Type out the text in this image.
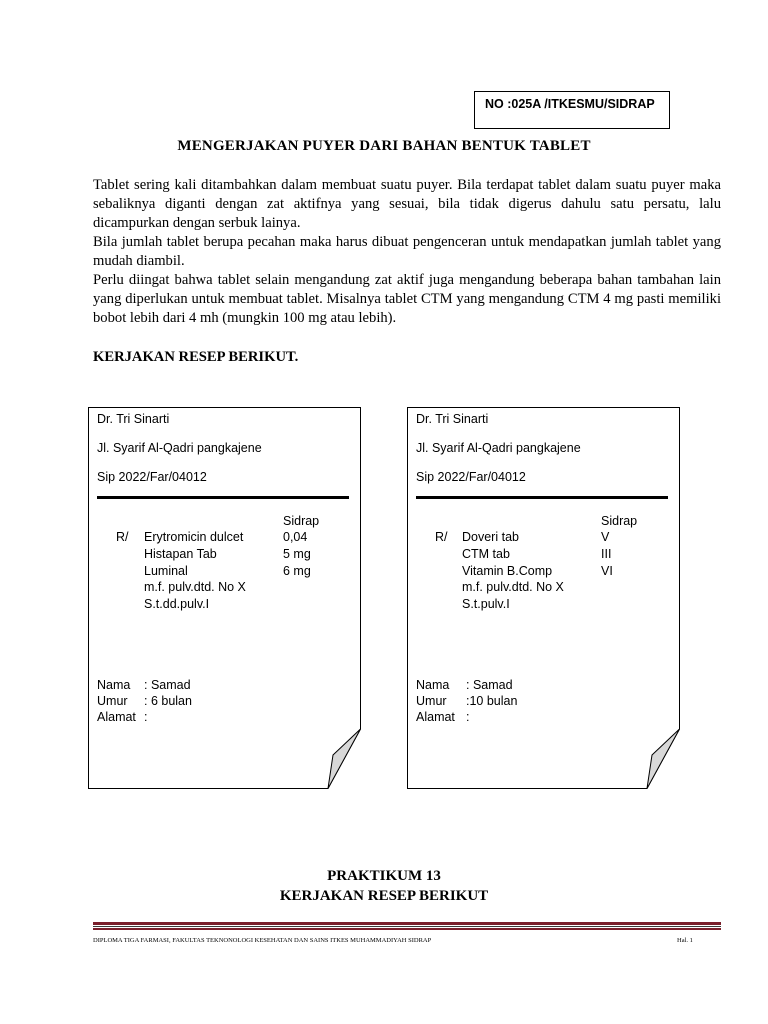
NO :025A /ITKESMU/SIDRAP
MENGERJAKAN PUYER DARI BAHAN BENTUK TABLET

Tablet sering kali ditambahkan dalam membuat suatu puyer. Bila terdapat tablet dalam suatu puyer maka sebaliknya diganti dengan zat aktifnya yang sesuai, bila tidak digerus dahulu satu persatu, lalu dicampurkan dengan serbuk lainya.

Bila jumlah tablet berupa pecahan maka harus dibuat pengenceran untuk mendapatkan jumlah tablet yang mudah diambil.

Perlu diingat bahwa tablet selain mengandung zat aktif juga mengandung beberapa bahan tambahan lain yang diperlukan untuk membuat tablet. Misalnya tablet CTM yang mengandung CTM 4 mg pasti memiliki bobot lebih dari 4 mh (mungkin 100 mg atau lebih).

KERJAKAN RESEP BERIKUT.
Dr. Tri Sinarti
Jl. Syarif Al-Qadri pangkajene
Sip 2022/Far/04012
Sidrap
R/ Erytromicin dulcet	0,04
Histapan Tab	5 mg
Luminal	6 mg
m.f. pulv.dtd. No X
S.t.dd.pulv.I
Nama : Samad
Umur : 6 bulan
Alamat :
Dr. Tri Sinarti
Jl. Syarif Al-Qadri pangkajene
Sip 2022/Far/04012
Sidrap
R/ Doveri tab	V
CTM tab	III
Vitamin B.Comp	VI
m.f. pulv.dtd. No X
S.t.pulv.I
Nama : Samad
Umur :10 bulan
Alamat :
PRAKTIKUM 13
KERJAKAN RESEP BERIKUT
DIPLOMA TIGA FARMASI, FAKULTAS TEKNONOLOGI KESEHATAN DAN SAINS ITKES MUHAMMADIYAH SIDRAP	Hal. 1
